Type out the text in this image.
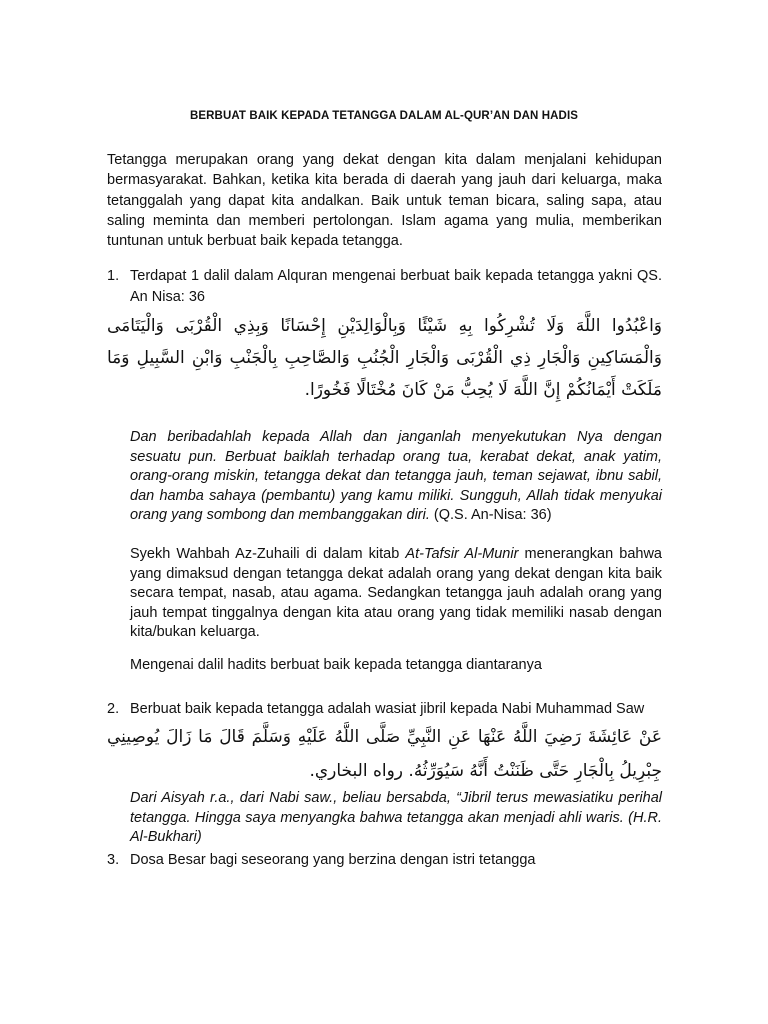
BERBUAT BAIK KEPADA TETANGGA DALAM AL-QUR’AN DAN HADIS
Tetangga merupakan orang yang dekat dengan kita dalam menjalani kehidupan bermasyarakat. Bahkan, ketika kita berada di daerah yang jauh dari keluarga, maka tetanggalah yang dapat kita andalkan. Baik untuk teman bicara, saling sapa, atau saling meminta dan memberi pertolongan. Islam agama yang mulia, memberikan tuntunan untuk berbuat baik kepada tetangga.
1. Terdapat 1 dalil dalam Alquran mengenai berbuat baik kepada tetangga yakni QS. An Nisa: 36
وَاعْبُدُوا اللَّهَ وَلَا تُشْرِكُوا بِهِ شَيْئًا وَبِالْوَالِدَيْنِ إِحْسَانًا وَبِذِي الْقُرْبَى وَالْيَتَامَى وَالْمَسَاكِينِ وَالْجَارِ ذِي الْقُرْبَى وَالْجَارِ الْجُنُبِ وَالصَّاحِبِ بِالْجَنْبِ وَابْنِ السَّبِيلِ وَمَا مَلَكَتْ أَيْمَانُكُمْ إِنَّ اللَّهَ لَا يُحِبُّ مَنْ كَانَ مُخْتَالًا فَخُورًا.
Dan beribadahlah kepada Allah dan janganlah menyekutukan Nya dengan sesuatu pun. Berbuat baiklah terhadap orang tua, kerabat dekat, anak yatim, orang-orang miskin, tetangga dekat dan tetangga jauh, teman sejawat, ibnu sabil, dan hamba sahaya (pembantu) yang kamu miliki. Sungguh, Allah tidak menyukai orang yang sombong dan membanggakan diri. (Q.S. An-Nisa: 36)
Syekh Wahbah Az-Zuhaili di dalam kitab At-Tafsir Al-Munir menerangkan bahwa yang dimaksud dengan tetangga dekat adalah orang yang dekat dengan kita baik secara tempat, nasab, atau agama. Sedangkan tetangga jauh adalah orang yang jauh tempat tinggalnya dengan kita atau orang yang tidak memiliki nasab dengan kita/bukan keluarga.
Mengenai dalil hadits berbuat baik kepada tetangga diantaranya
2. Berbuat baik kepada tetangga adalah wasiat jibril kepada Nabi Muhammad Saw
عَنْ عَائِشَةَ رَضِيَ اللَّهُ عَنْهَا عَنِ النَّبِيِّ صَلَّى اللَّهُ عَلَيْهِ وَسَلَّمَ قَالَ مَا زَالَ يُوصِينِي جِبْرِيلُ بِالْجَارِ حَتَّى ظَنَنْتُ أَنَّهُ سَيُوَرِّثُهُ. رواه البخاري.
Dari Aisyah r.a., dari Nabi saw., beliau bersabda, “Jibril terus mewasiatiku perihal tetangga. Hingga saya menyangka bahwa tetangga akan menjadi ahli waris. (H.R. Al-Bukhari)
3. Dosa Besar bagi seseorang yang berzina dengan istri tetangga
